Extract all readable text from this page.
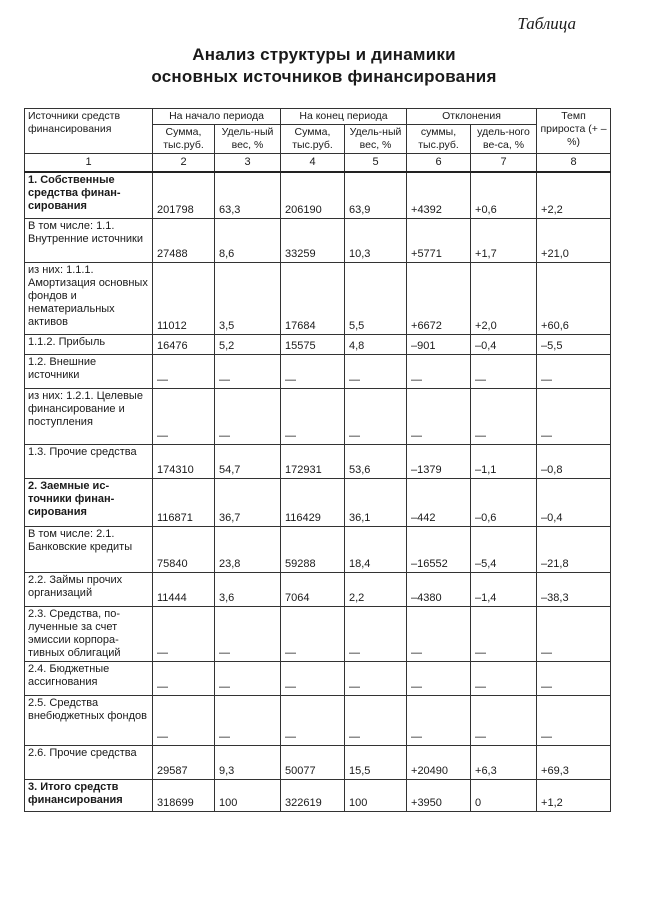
Таблица
Анализ структуры и динамики
основных источников финансирования
Источники средств финансирования	На начало периода		На конец периода		Отклонения		Темп прироста (+ –%)
	Сумма, тыс.руб.	Удель-ный вес, %	Сумма, тыс.руб.	Удель-ный вес, %	суммы, тыс.руб.	удель-ного ве-са, %	
1	2	3	4	5	6	7	8
1. Собственные средства финан-сирования	201798	63,3	206190	63,9	+4392	+0,6	+2,2
В том числе: 1.1. Внутренние источники	27488	8,6	33259	10,3	+5771	+1,7	+21,0
из них: 1.1.1. Амортизация основных фондов и нематериальных активов	11012	3,5	17684	5,5	+6672	+2,0	+60,6
1.1.2. Прибыль	16476	5,2	15575	4,8	–901	–0,4	–5,5
1.2. Внешние источники	—	—	—	—	—	—	—
из них: 1.2.1. Целевые финансирование и поступления	—	—	—	—	—	—	—
1.3. Прочие средства	174310	54,7	172931	53,6	–1379	–1,1	–0,8
2. Заемные ис-точники финан-сирования	116871	36,7	116429	36,1	–442	–0,6	–0,4
В том числе: 2.1. Банковские кредиты	75840	23,8	59288	18,4	–16552	–5,4	–21,8
2.2. Займы прочих организаций	11444	3,6	7064	2,2	–4380	–1,4	–38,3
2.3. Средства, по-лученные за счет эмиссии корпора-тивных облигаций	—	—	—	—	—	—	—
2.4. Бюджетные ассигнования	—	—	—	—	—	—	—
2.5. Средства внебюджетных фондов	—	—	—	—	—	—	—
2.6. Прочие средства	29587	9,3	50077	15,5	+20490	+6,3	+69,3
3. Итого средств финансирования	318699	100	322619	100	+3950	0	+1,2
